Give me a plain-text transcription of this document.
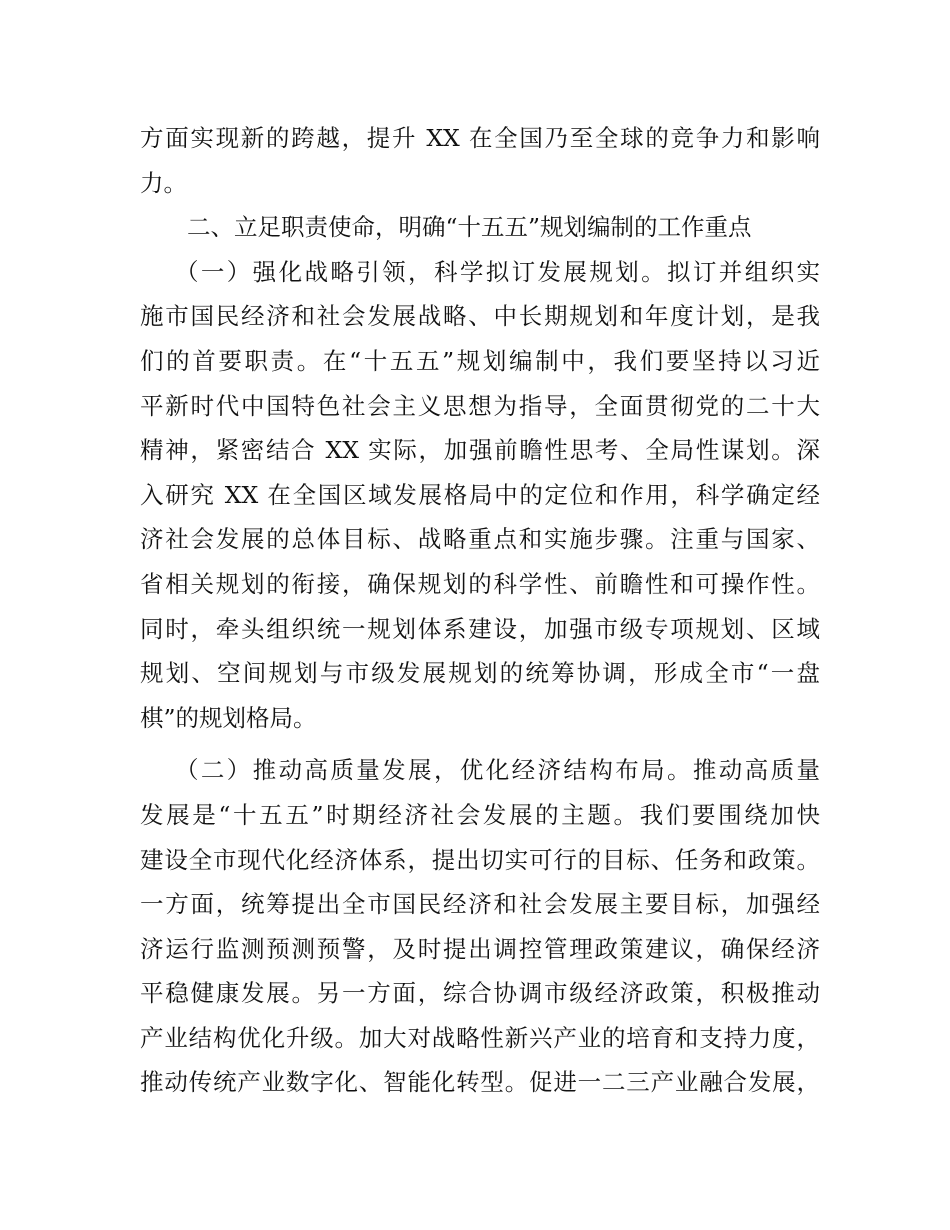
方面实现新的跨越，提升 XX 在全国乃至全球的竞争力和影响
力。
二、立足职责使命，明确“十五五”规划编制的工作重点
（一）强化战略引领，科学拟订发展规划。拟订并组织实
施市国民经济和社会发展战略、中长期规划和年度计划，是我
们的首要职责。在“十五五”规划编制中，我们要坚持以习近
平新时代中国特色社会主义思想为指导，全面贯彻党的二十大
精神，紧密结合 XX 实际，加强前瞻性思考、全局性谋划。深
入研究 XX 在全国区域发展格局中的定位和作用，科学确定经
济社会发展的总体目标、战略重点和实施步骤。注重与国家、
省相关规划的衔接，确保规划的科学性、前瞻性和可操作性。
同时，牵头组织统一规划体系建设，加强市级专项规划、区域
规划、空间规划与市级发展规划的统筹协调，形成全市“一盘
棋”的规划格局。
（二）推动高质量发展，优化经济结构布局。推动高质量
发展是“十五五”时期经济社会发展的主题。我们要围绕加快
建设全市现代化经济体系，提出切实可行的目标、任务和政策。
一方面，统筹提出全市国民经济和社会发展主要目标，加强经
济运行监测预测预警，及时提出调控管理政策建议，确保经济
平稳健康发展。另一方面，综合协调市级经济政策，积极推动
产业结构优化升级。加大对战略性新兴产业的培育和支持力度，
推动传统产业数字化、智能化转型。促进一二三产业融合发展，
